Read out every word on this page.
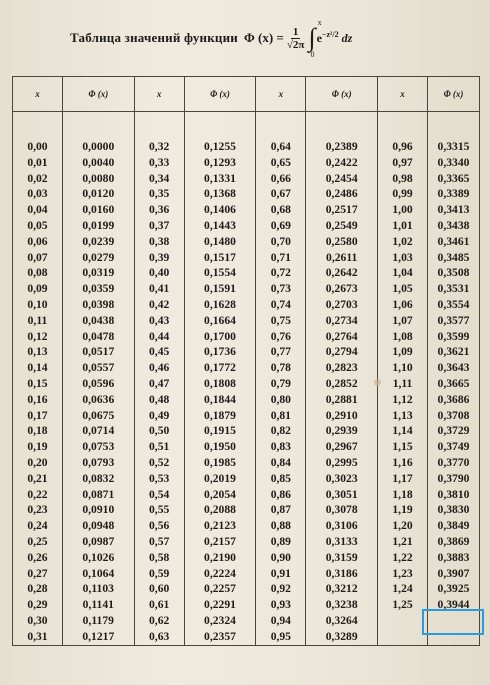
Таблица значений функции Φ $(x) = \frac{1}{√2\pi}$ ∫
x
0
$e^{-z^2/2}$ dz
x	Φ (x)	x	Φ (x)	x	Φ (x)	x	Φ (x)
0,00	0,0000	0,32	0,1255	0,64	0,2389	0,96	0,3315
0,01	0,0040	0,33	0,1293	0,65	0,2422	0,97	0,3340
0,02	0,0080	0,34	0,1331	0,66	0,2454	0,98	0,3365
0,03	0,0120	0,35	0,1368	0,67	0,2486	0,99	0,3389
0,04	0,0160	0,36	0,1406	0,68	0,2517	1,00	0,3413
0,05	0,0199	0,37	0,1443	0,69	0,2549	1,01	0,3438
0,06	0,0239	0,38	0,1480	0,70	0,2580	1,02	0,3461
0,07	0,0279	0,39	0,1517	0,71	0,2611	1,03	0,3485
0,08	0,0319	0,40	0,1554	0,72	0,2642	1,04	0,3508
0,09	0,0359	0,41	0,1591	0,73	0,2673	1,05	0,3531
0,10	0,0398	0,42	0,1628	0,74	0,2703	1,06	0,3554
0,11	0,0438	0,43	0,1664	0,75	0,2734	1,07	0,3577
0,12	0,0478	0,44	0,1700	0,76	0,2764	1,08	0,3599
0,13	0,0517	0,45	0,1736	0,77	0,2794	1,09	0,3621
0,14	0,0557	0,46	0,1772	0,78	0,2823	1,10	0,3643
0,15	0,0596	0,47	0,1808	0,79	0,2852	1,11	0,3665
0,16	0,0636	0,48	0,1844	0,80	0,2881	1,12	0,3686
0,17	0,0675	0,49	0,1879	0,81	0,2910	1,13	0,3708
0,18	0,0714	0,50	0,1915	0,82	0,2939	1,14	0,3729
0,19	0,0753	0,51	0,1950	0,83	0,2967	1,15	0,3749
0,20	0,0793	0,52	0,1985	0,84	0,2995	1,16	0,3770
0,21	0,0832	0,53	0,2019	0,85	0,3023	1,17	0,3790
0,22	0,0871	0,54	0,2054	0,86	0,3051	1,18	0,3810
0,23	0,0910	0,55	0,2088	0,87	0,3078	1,19	0,3830
0,24	0,0948	0,56	0,2123	0,88	0,3106	1,20	0,3849
0,25	0,0987	0,57	0,2157	0,89	0,3133	1,21	0,3869
0,26	0,1026	0,58	0,2190	0,90	0,3159	1,22	0,3883
0,27	0,1064	0,59	0,2224	0,91	0,3186	1,23	0,3907
0,28	0,1103	0,60	0,2257	0,92	0,3212	1,24	0,3925
0,29	0,1141	0,61	0,2291	0,93	0,3238	1,25	0,3944
0,30	0,1179	0,62	0,2324	0,94	0,3264		
0,31	0,1217	0,63	0,2357	0,95	0,3289		
